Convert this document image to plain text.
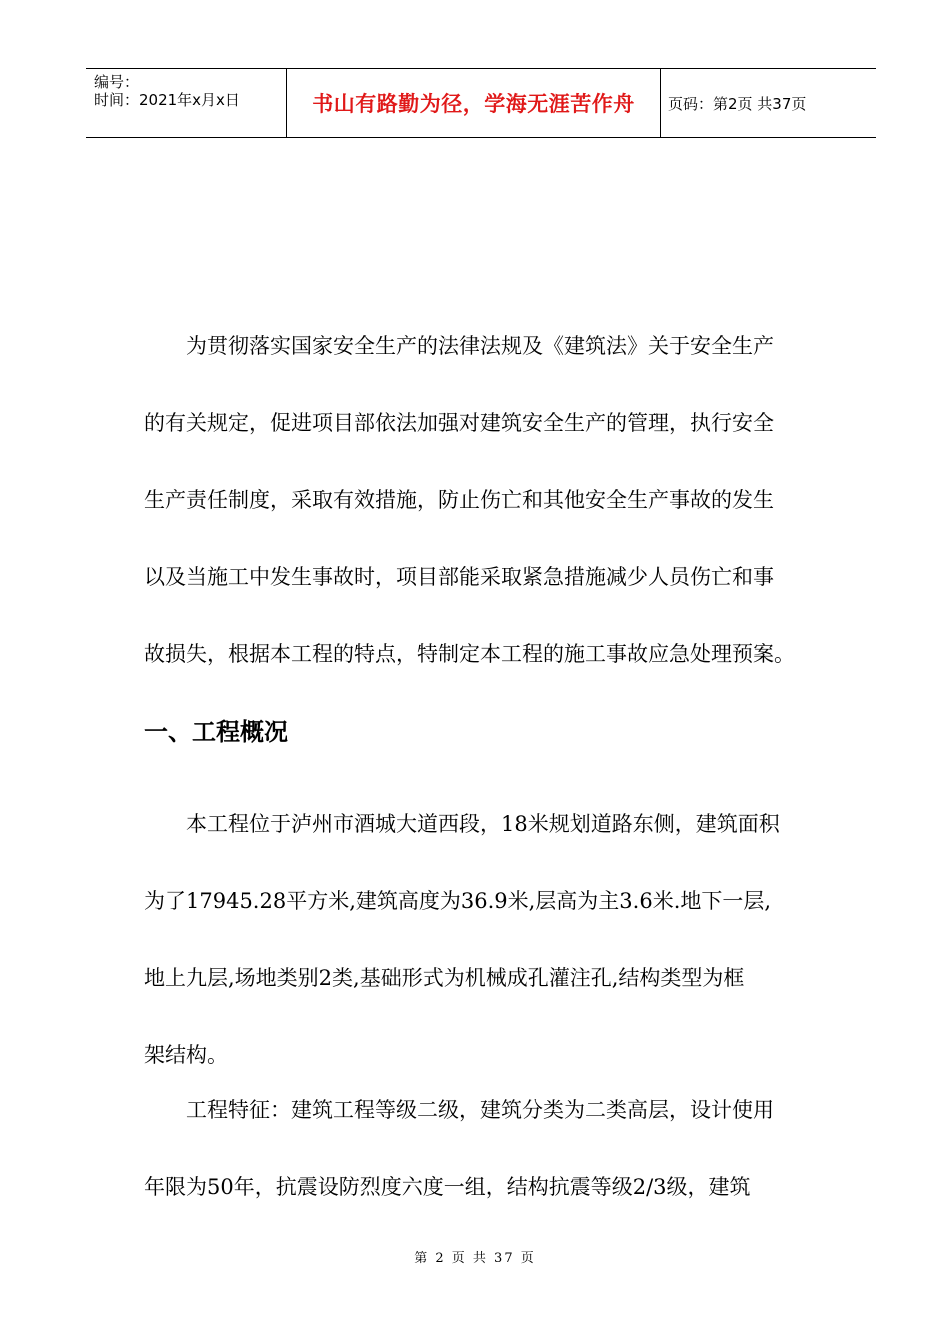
编号：
时间：2021年x月x日	书山有路勤为径，学海无涯苦作舟	页码：第2页 共37页
为贯彻落实国家安全生产的法律法规及《建筑法》关于安全生产
的有关规定，促进项目部依法加强对建筑安全生产的管理，执行安全
生产责任制度，采取有效措施，防止伤亡和其他安全生产事故的发生
以及当施工中发生事故时，项目部能采取紧急措施减少人员伤亡和事
故损失，根据本工程的特点，特制定本工程的施工事故应急处理预案。
一、工程概况
本工程位于泸州市酒城大道西段，18米规划道路东侧，建筑面积
为了17945.28平方米,建筑高度为36.9米,层高为主3.6米.地下一层,
地上九层,场地类别2类,基础形式为机械成孔灌注孔,结构类型为框
架结构。
工程特征：建筑工程等级二级，建筑分类为二类高层，设计使用
年限为50年，抗震设防烈度六度一组，结构抗震等级2/3级，建筑
第 2 页 共 37 页
